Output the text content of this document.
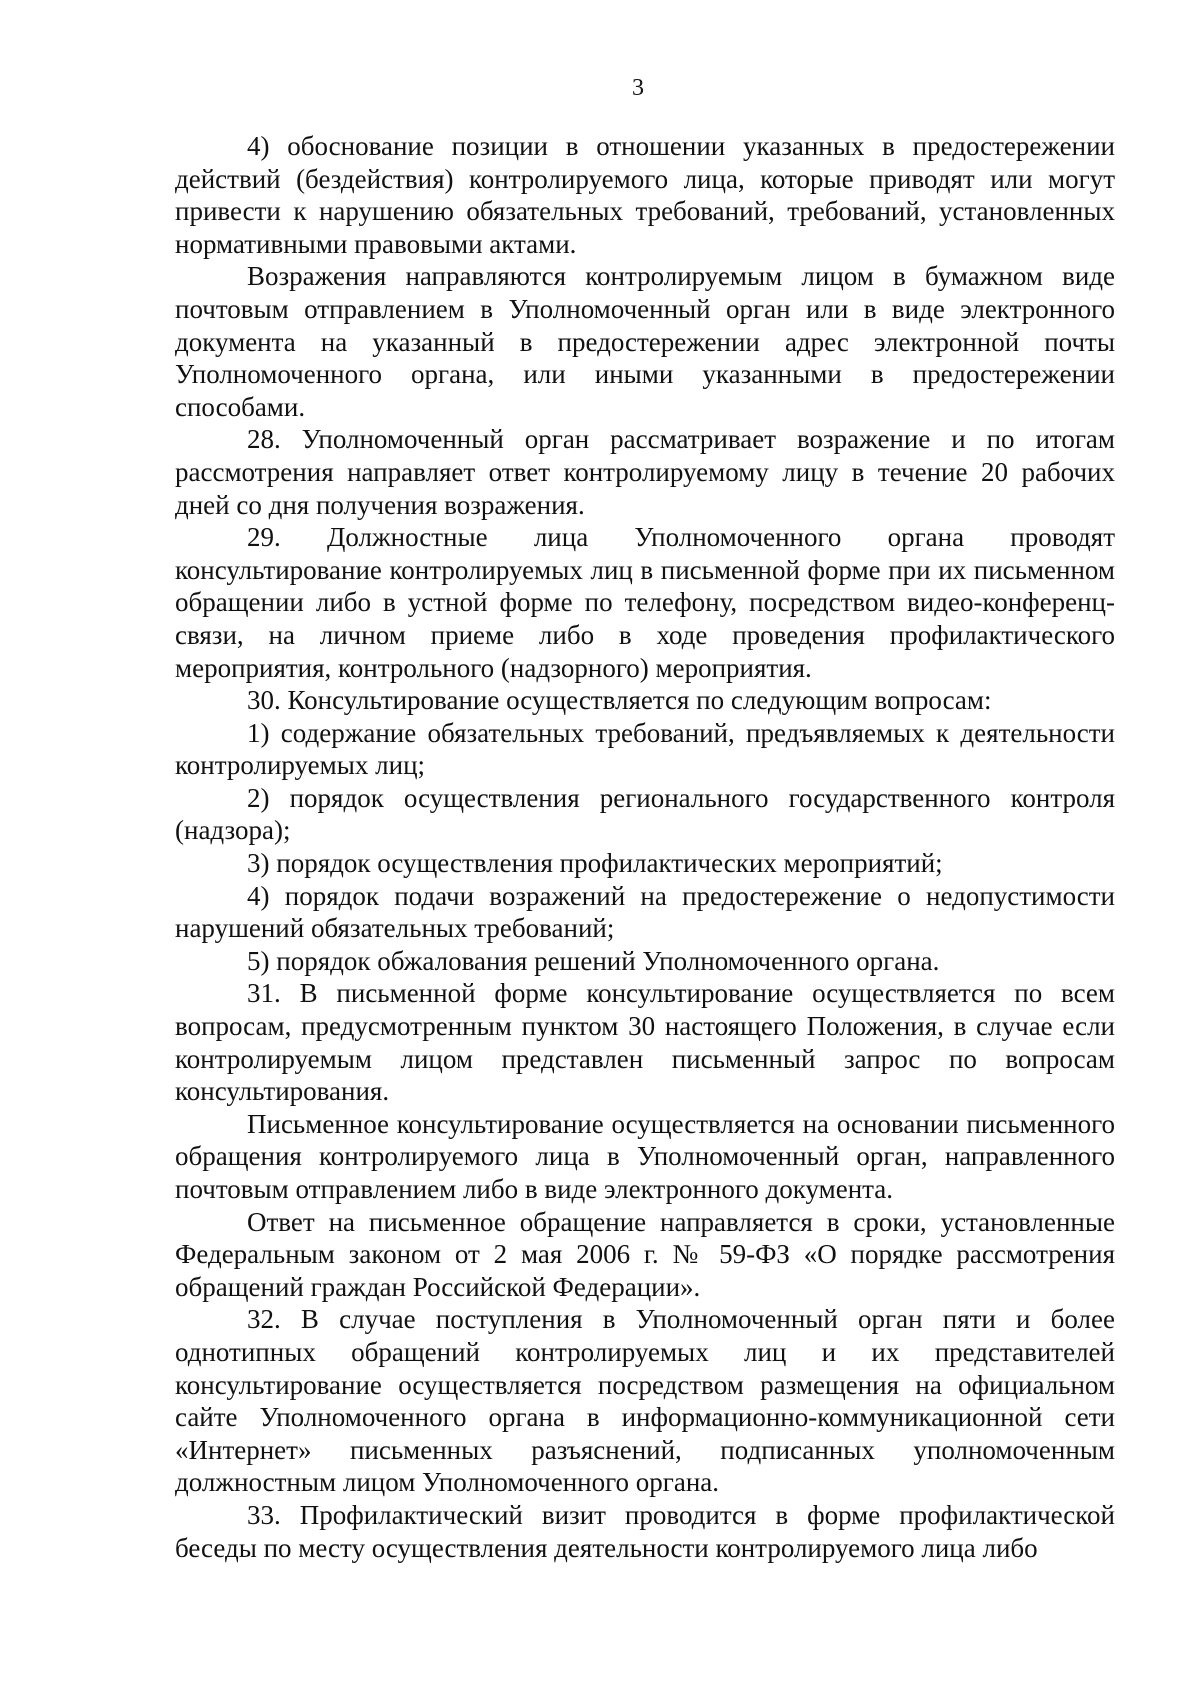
3

4) обоснование позиции в отношении указанных в предостережении действий (бездействия) контролируемого лица, которые приводят или могут привести к нарушению обязательных требований, требований, установленных нормативными правовыми актами.

Возражения направляются контролируемым лицом в бумажном виде почтовым отправлением в Уполномоченный орган или в виде электронного документа на указанный в предостережении адрес электронной почты Уполномоченного органа, или иными указанными в предостережении способами.

28. Уполномоченный орган рассматривает возражение и по итогам рассмотрения направляет ответ контролируемому лицу в течение 20 рабочих дней со дня получения возражения.

29. Должностные лица Уполномоченного органа проводят консультирование контролируемых лиц в письменной форме при их письменном обращении либо в устной форме по телефону, посредством видео-конференц-связи, на личном приеме либо в ходе проведения профилактического мероприятия, контрольного (надзорного) мероприятия.

30. Консультирование осуществляется по следующим вопросам:

1) содержание обязательных требований, предъявляемых к деятельности контролируемых лиц;

2) порядок осуществления регионального государственного контроля (надзора);

3) порядок осуществления профилактических мероприятий;

4) порядок подачи возражений на предостережение о недопустимости нарушений обязательных требований;

5) порядок обжалования решений Уполномоченного органа.

31. В письменной форме консультирование осуществляется по всем вопросам, предусмотренным пунктом 30 настоящего Положения, в случае если контролируемым лицом представлен письменный запрос по вопросам консультирования.

Письменное консультирование осуществляется на основании письменного обращения контролируемого лица в Уполномоченный орган, направленного почтовым отправлением либо в виде электронного документа.

Ответ на письменное обращение направляется в сроки, установленные Федеральным законом от 2 мая 2006 г. № 59-ФЗ «О порядке рассмотрения обращений граждан Российской Федерации».

32. В случае поступления в Уполномоченный орган пяти и более однотипных обращений контролируемых лиц и их представителей консультирование осуществляется посредством размещения на официальном сайте Уполномоченного органа в информационно-коммуникационной сети «Интернет» письменных разъяснений, подписанных уполномоченным должностным лицом Уполномоченного органа.

33. Профилактический визит проводится в форме профилактической беседы по месту осуществления деятельности контролируемого лица либо
